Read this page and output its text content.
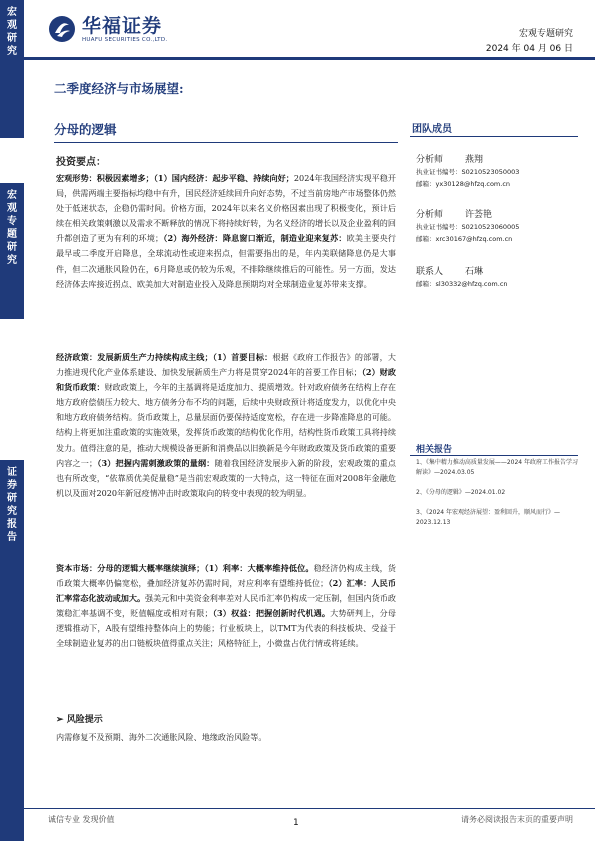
宏
观
研
究
宏
观
专
题
研
究
证
券
研
究
报
告
华福证券
HUAFU SECURITIES CO.,LTD.
宏观专题研究
2024 年 04 月 06 日
二季度经济与市场展望:
分母的逻辑	团队成员
分析师 燕翔
执业证书编号：S0210523050003
邮箱：yx30128@hfzq.com.cn
分析师 许荟艳
执业证书编号：S0210523060005
邮箱：xrc30167@hfzq.com.cn
联系人 石琳
邮箱：sl30332@hfzq.com.cn
相关报告
1、《集中精力推动高质量发展——2024 年政府工作报告学习解读》—2024.03.05
2、《分母的逻辑》—2024.01.02
3、《2024 年宏观经济展望：盈利回升，顺风而行》—2023.12.13
投资要点：
宏观形势：积极因素增多；（1）国内经济：起步平稳、持续向好；2024年我国经济实现平稳开局，供需两端主要指标均稳中有升，国民经济延续回升向好态势，不过当前房地产市场整体仍然处于低迷状态，企稳仍需时间。价格方面，2024年以来名义价格因素出现了积极变化，预计后续在相关政策刺激以及需求不断释放的情况下将持续好转，为名义经济的增长以及企业盈利的回升都创造了更为有利的环境；（2）海外经济：降息窗口渐近，制造业迎来复苏：欧美主要央行最早或二季度开启降息，全球流动性或迎来拐点，但需要指出的是，年内美联储降息仍是大事件，但二次通胀风险仍在，6月降息或仍较为乐观，不排除继续推后的可能性。另一方面，发达经济体去库接近拐点、欧美加大对制造业投入及降息预期均对全球制造业复苏带来支撑。
经济政策：发展新质生产力持续构成主线；（1）首要目标：根据《政府工作报告》的部署，大力推进现代化产业体系建设、加快发展新质生产力将是贯穿2024年的首要工作目标；（2）财政和货币政策：财政政策上，今年的主基调将是适度加力、提质增效。针对政府债务在结构上存在地方政府偿债压力较大、地方债务分布不均的问题，后续中央财政预计将适度发力，以优化中央和地方政府债务结构。货币政策上，总量层面仍要保持适度宽松，存在进一步降准降息的可能。结构上将更加注重政策的实施效果，发挥货币政策的结构优化作用，结构性货币政策工具将持续发力。值得注意的是，推动大规模设备更新和消费品以旧换新是今年财政政策及货币政策的重要内容之一；（3）把握内需刺激政策的量纲：随着我国经济发展步入新的阶段，宏观政策的重点也有所改变，“依靠质优美促量稳”是当前宏观政策的一大特点，这一特征在面对2008年金融危机以及面对2020年新冠疫情冲击时政策取向的转变中表现的较为明显。
资本市场：分母的逻辑大概率继续演绎；（1）利率：大概率维持低位。稳经济仍构成主线，货币政策大概率仍偏宽松，叠加经济复苏仍需时间，对应利率有望维持低位；（2）汇率：人民币汇率常态化波动或加大。强美元和中美资金利率差对人民币汇率仍构成一定压制，但国内货币政策稳汇率基调不变，贬值幅度或相对有限；（3）权益：把握创新时代机遇。大势研判上，分母逻辑推动下，A股有望维持整体向上的势能；行业板块上，以TMT为代表的科技板块、受益于全球制造业复苏的出口链板块值得重点关注；风格特征上，小微盘占优行情或将延续。
➢ 风险提示
内需修复不及预期、海外二次通胀风险、地缘政治风险等。
诚信专业 发现价值	1	请务必阅读报告末页的重要声明
